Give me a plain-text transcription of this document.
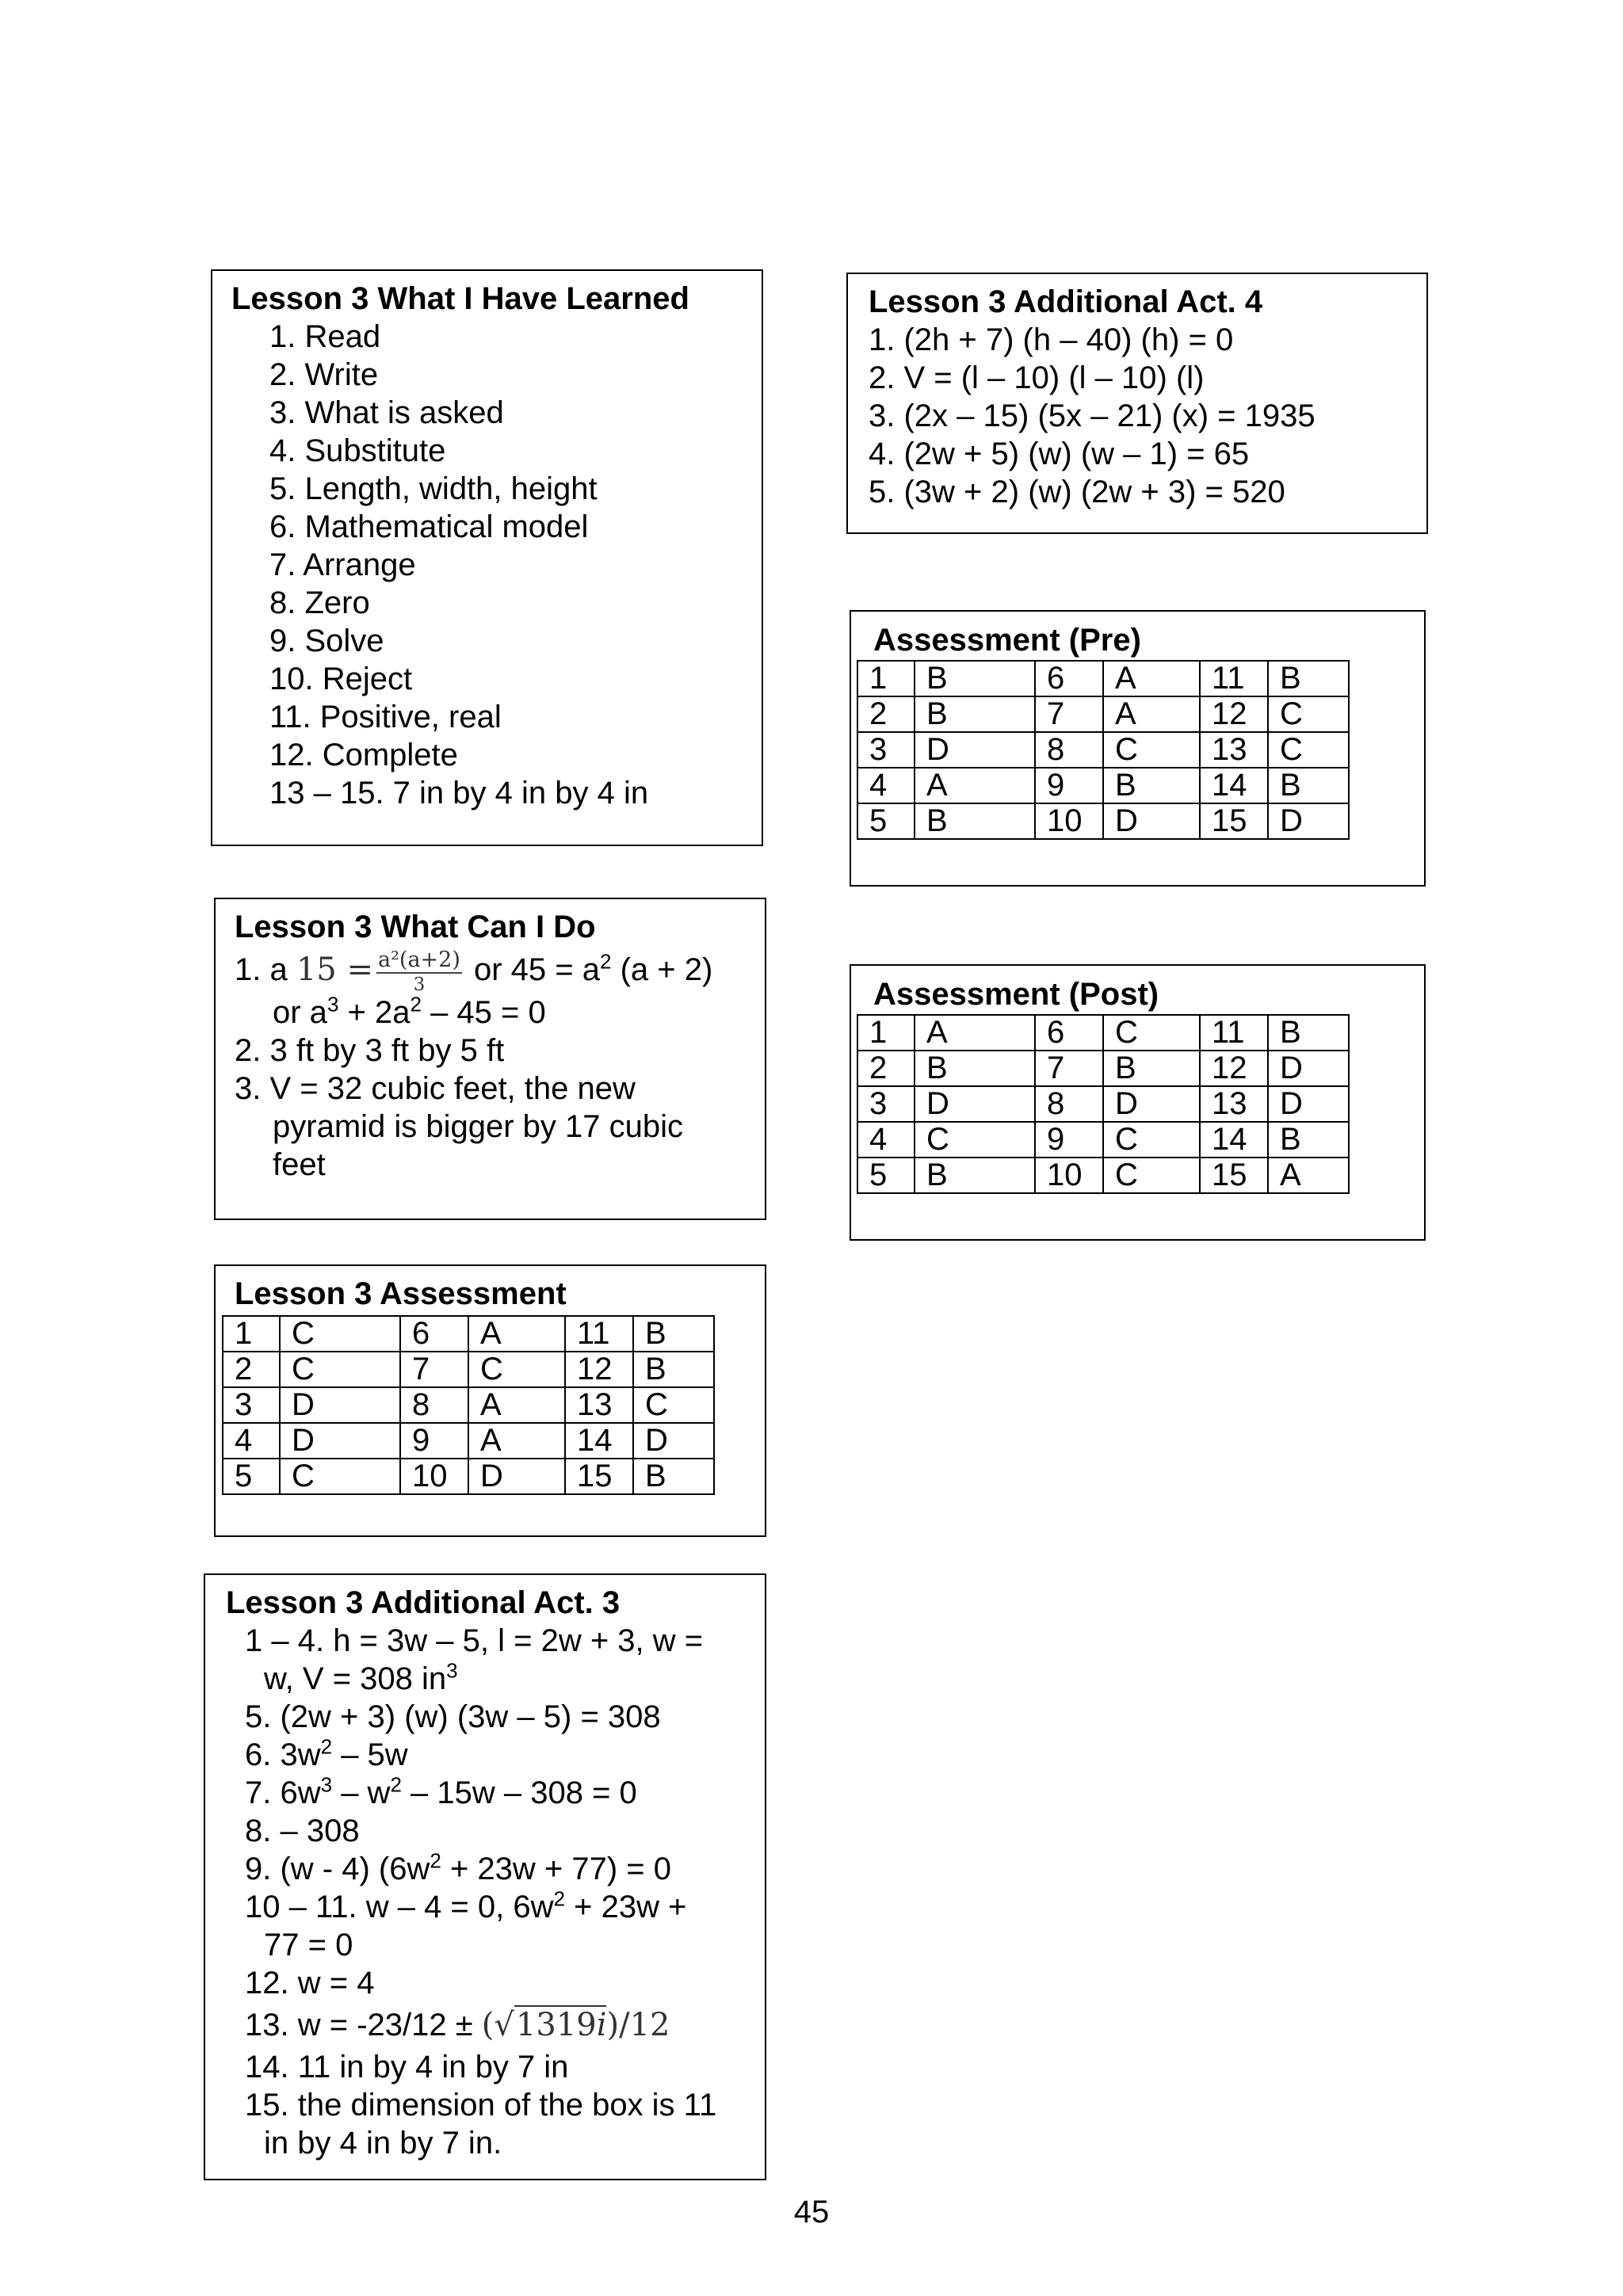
Lesson 3 What I Have Learned
1. Read
2. Write
3. What is asked
4. Substitute
5. Length, width, height
6. Mathematical model
7. Arrange
8. Zero
9. Solve
10. Reject
11. Positive, real
12. Complete
13 – 15. 7 in by 4 in by 4 in
Lesson 3 What Can I Do
1. a $15 = \frac{\text{a²(a+2)}}{3}$ or $45 = a^2$ (a + 2)
or $a^3 + 2a^2 - 45 = 0$
2. 3 ft by 3 ft by 5 ft
3. V = 32 cubic feet, the new
pyramid is bigger by 17 cubic
feet
Lesson 3 Assessment
1	C	6	A	11	B
2	C	7	C	12	B
3	D	8	A	13	C
4	D	9	A	14	D
5	C	10	D	15	B
Lesson 3 Additional Act. 3
1 – 4. h = 3w – 5, l = 2w + 3, w =
w, V = 308 $in^3$
5. (2w + 3) (w) (3w – 5) = 308
6. $3w^2 - 5w$
7. $6w^3 - w^2 - 15w - 308 = 0$
8. – 308
9. (w - 4) $(6w^2 + 23w + 77) = 0$
10 – 11. w – 4 = 0, $6w^2 + 23w$ +
77 = 0
12. w = 4
13. w = -23/12 ± (√1319i)/12
14. 11 in by 4 in by 7 in
15. the dimension of the box is 11
in by 4 in by 7 in.
Lesson 3 Additional Act. 4
1. (2h + 7) (h – 40) (h) = 0
2. V = (l – 10) (l – 10) (l)
3. (2x – 15) (5x – 21) (x) = 1935
4. (2w + 5) (w) (w – 1) = 65
5. (3w + 2) (w) (2w + 3) = 520
Assessment (Pre)
1	B	6	A	11	B
2	B	7	A	12	C
3	D	8	C	13	C
4	A	9	B	14	B
5	B	10	D	15	D
Assessment (Post)
1	A	6	C	11	B
2	B	7	B	12	D
3	D	8	D	13	D
4	C	9	C	14	B
5	B	10	C	15	A
45
